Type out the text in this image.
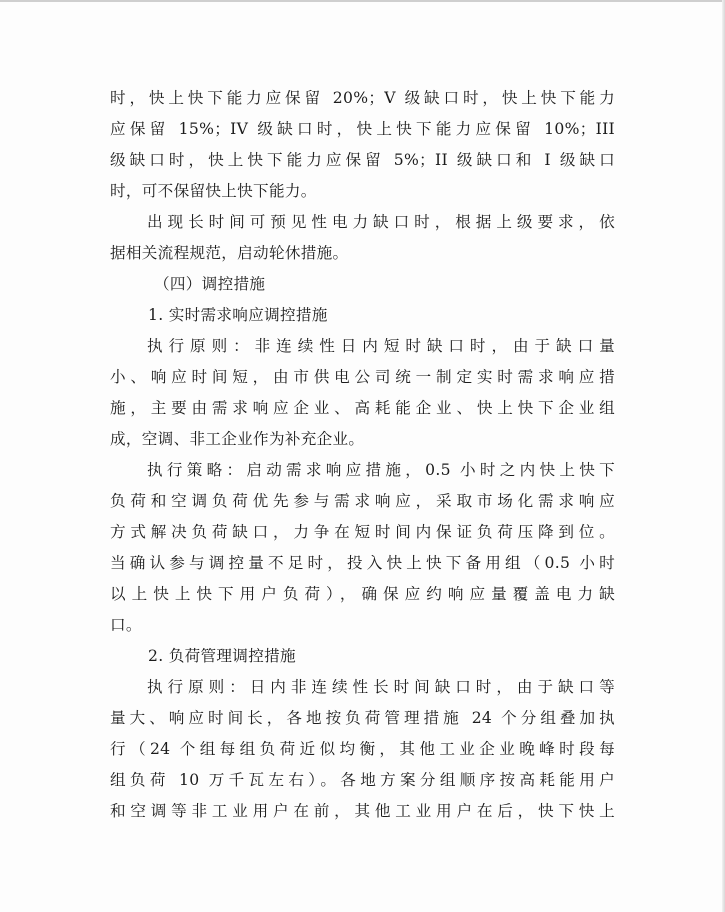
时，快上快下能力应保留 20%；V 级缺口时，快上快下能力
应保留 15%；IV 级缺口时，快上快下能力应保留 10%；III
级缺口时，快上快下能力应保留 5%；II 级缺口和 I 级缺口
时，可不保留快上快下能力。
出现长时间可预见性电力缺口时，根据上级要求，依
据相关流程规范，启动轮休措施。
（四）调控措施
1. 实时需求响应调控措施
执行原则：非连续性日内短时缺口时，由于缺口量
小、响应时间短，由市供电公司统一制定实时需求响应措
施，主要由需求响应企业、高耗能企业、快上快下企业组
成，空调、非工企业作为补充企业。
执行策略：启动需求响应措施，0.5 小时之内快上快下
负荷和空调负荷优先参与需求响应，采取市场化需求响应
方式解决负荷缺口，力争在短时间内保证负荷压降到位。
当确认参与调控量不足时，投入快上快下备用组（0.5 小时
以上快上快下用户负荷），确保应约响应量覆盖电力缺
口。
2. 负荷管理调控措施
执行原则：日内非连续性长时间缺口时，由于缺口等
量大、响应时间长，各地按负荷管理措施 24 个分组叠加执
行（24 个组每组负荷近似均衡，其他工业企业晚峰时段每
组负荷 10 万千瓦左右）。各地方案分组顺序按高耗能用户
和空调等非工业用户在前，其他工业用户在后，快下快上
